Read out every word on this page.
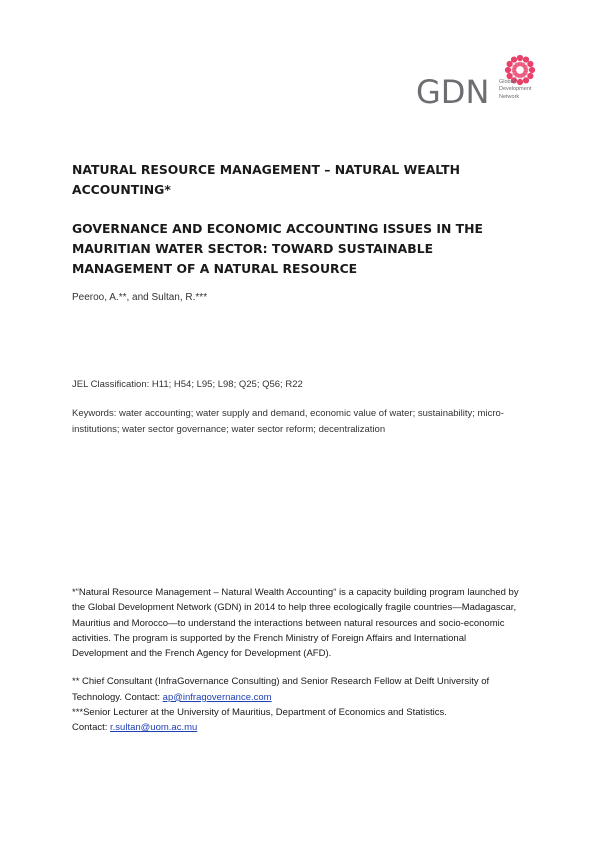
GDN Global
Development
Network
NATURAL RESOURCE MANAGEMENT – NATURAL WEALTH ACCOUNTING*
GOVERNANCE AND ECONOMIC ACCOUNTING ISSUES IN THE MAURITIAN WATER SECTOR: TOWARD SUSTAINABLE MANAGEMENT OF A NATURAL RESOURCE
Peeroo, A.**, and Sultan, R.***
JEL Classification: H11; H54; L95; L98; Q25; Q56; R22
Keywords: water accounting; water supply and demand, economic value of water; sustainability; micro-institutions; water sector governance; water sector reform; decentralization
*“Natural Resource Management – Natural Wealth Accounting“ is a capacity building program launched by the Global Development Network (GDN) in 2014 to help three ecologically fragile countries—Madagascar, Mauritius and Morocco—to understand the interactions between natural resources and socio-economic activities. The program is supported by the French Ministry of Foreign Affairs and International Development and the French Agency for Development (AFD).

** Chief Consultant (InfraGovernance Consulting) and Senior Research Fellow at Delft University of Technology. Contact: ap@infragovernance.com

***Senior Lecturer at the University of Mauritius, Department of Economics and Statistics.

Contact: r.sultan@uom.ac.mu
